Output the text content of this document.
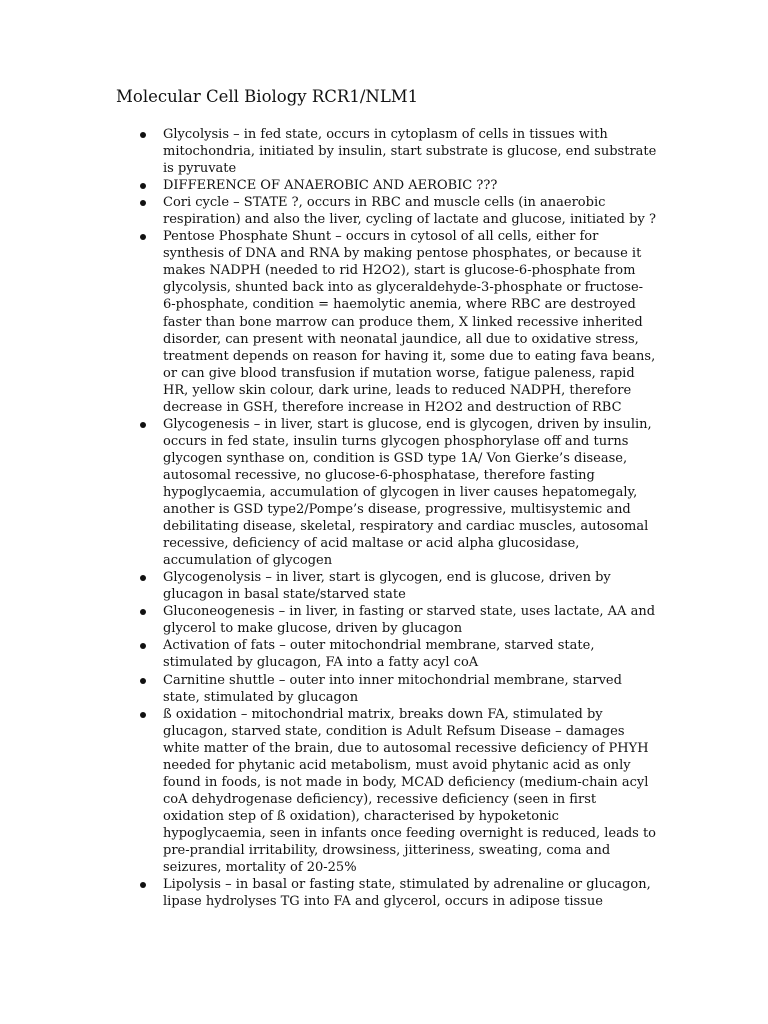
Molecular Cell Biology RCR1/NLM1
Glycolysis – in fed state, occurs in cytoplasm of cells in tissues with
mitochondria, initiated by insulin, start substrate is glucose, end substrate
is pyruvate
DIFFERENCE OF ANAEROBIC AND AEROBIC ???
Cori cycle – STATE ?, occurs in RBC and muscle cells (in anaerobic
respiration) and also the liver, cycling of lactate and glucose, initiated by ?
Pentose Phosphate Shunt – occurs in cytosol of all cells, either for
synthesis of DNA and RNA by making pentose phosphates, or because it
makes NADPH (needed to rid H2O2), start is glucose-6-phosphate from
glycolysis, shunted back into as glyceraldehyde-3-phosphate or fructose-
6-phosphate, condition = haemolytic anemia, where RBC are destroyed
faster than bone marrow can produce them, X linked recessive inherited
disorder, can present with neonatal jaundice, all due to oxidative stress,
treatment depends on reason for having it, some due to eating fava beans,
or can give blood transfusion if mutation worse, fatigue paleness, rapid
HR, yellow skin colour, dark urine, leads to reduced NADPH, therefore
decrease in GSH, therefore increase in H2O2 and destruction of RBC
Glycogenesis – in liver, start is glucose, end is glycogen, driven by insulin,
occurs in fed state, insulin turns glycogen phosphorylase off and turns
glycogen synthase on, condition is GSD type 1A/ Von Gierke’s disease,
autosomal recessive, no glucose-6-phosphatase, therefore fasting
hypoglycaemia, accumulation of glycogen in liver causes hepatomegaly,
another is GSD type2/Pompe’s disease, progressive, multisystemic and
debilitating disease, skeletal, respiratory and cardiac muscles, autosomal
recessive, deficiency of acid maltase or acid alpha glucosidase,
accumulation of glycogen
Glycogenolysis – in liver, start is glycogen, end is glucose, driven by
glucagon in basal state/starved state
Gluconeogenesis – in liver, in fasting or starved state, uses lactate, AA and
glycerol to make glucose, driven by glucagon
Activation of fats – outer mitochondrial membrane, starved state,
stimulated by glucagon, FA into a fatty acyl coA
Carnitine shuttle – outer into inner mitochondrial membrane, starved
state, stimulated by glucagon
ß oxidation – mitochondrial matrix, breaks down FA, stimulated by
glucagon, starved state, condition is Adult Refsum Disease – damages
white matter of the brain, due to autosomal recessive deficiency of PHYH
needed for phytanic acid metabolism, must avoid phytanic acid as only
found in foods, is not made in body, MCAD deficiency (medium-chain acyl
coA dehydrogenase deficiency), recessive deficiency (seen in first
oxidation step of ß oxidation), characterised by hypoketonic
hypoglycaemia, seen in infants once feeding overnight is reduced, leads to
pre-prandial irritability, drowsiness, jitteriness, sweating, coma and
seizures, mortality of 20-25%
Lipolysis – in basal or fasting state, stimulated by adrenaline or glucagon,
lipase hydrolyses TG into FA and glycerol, occurs in adipose tissue
